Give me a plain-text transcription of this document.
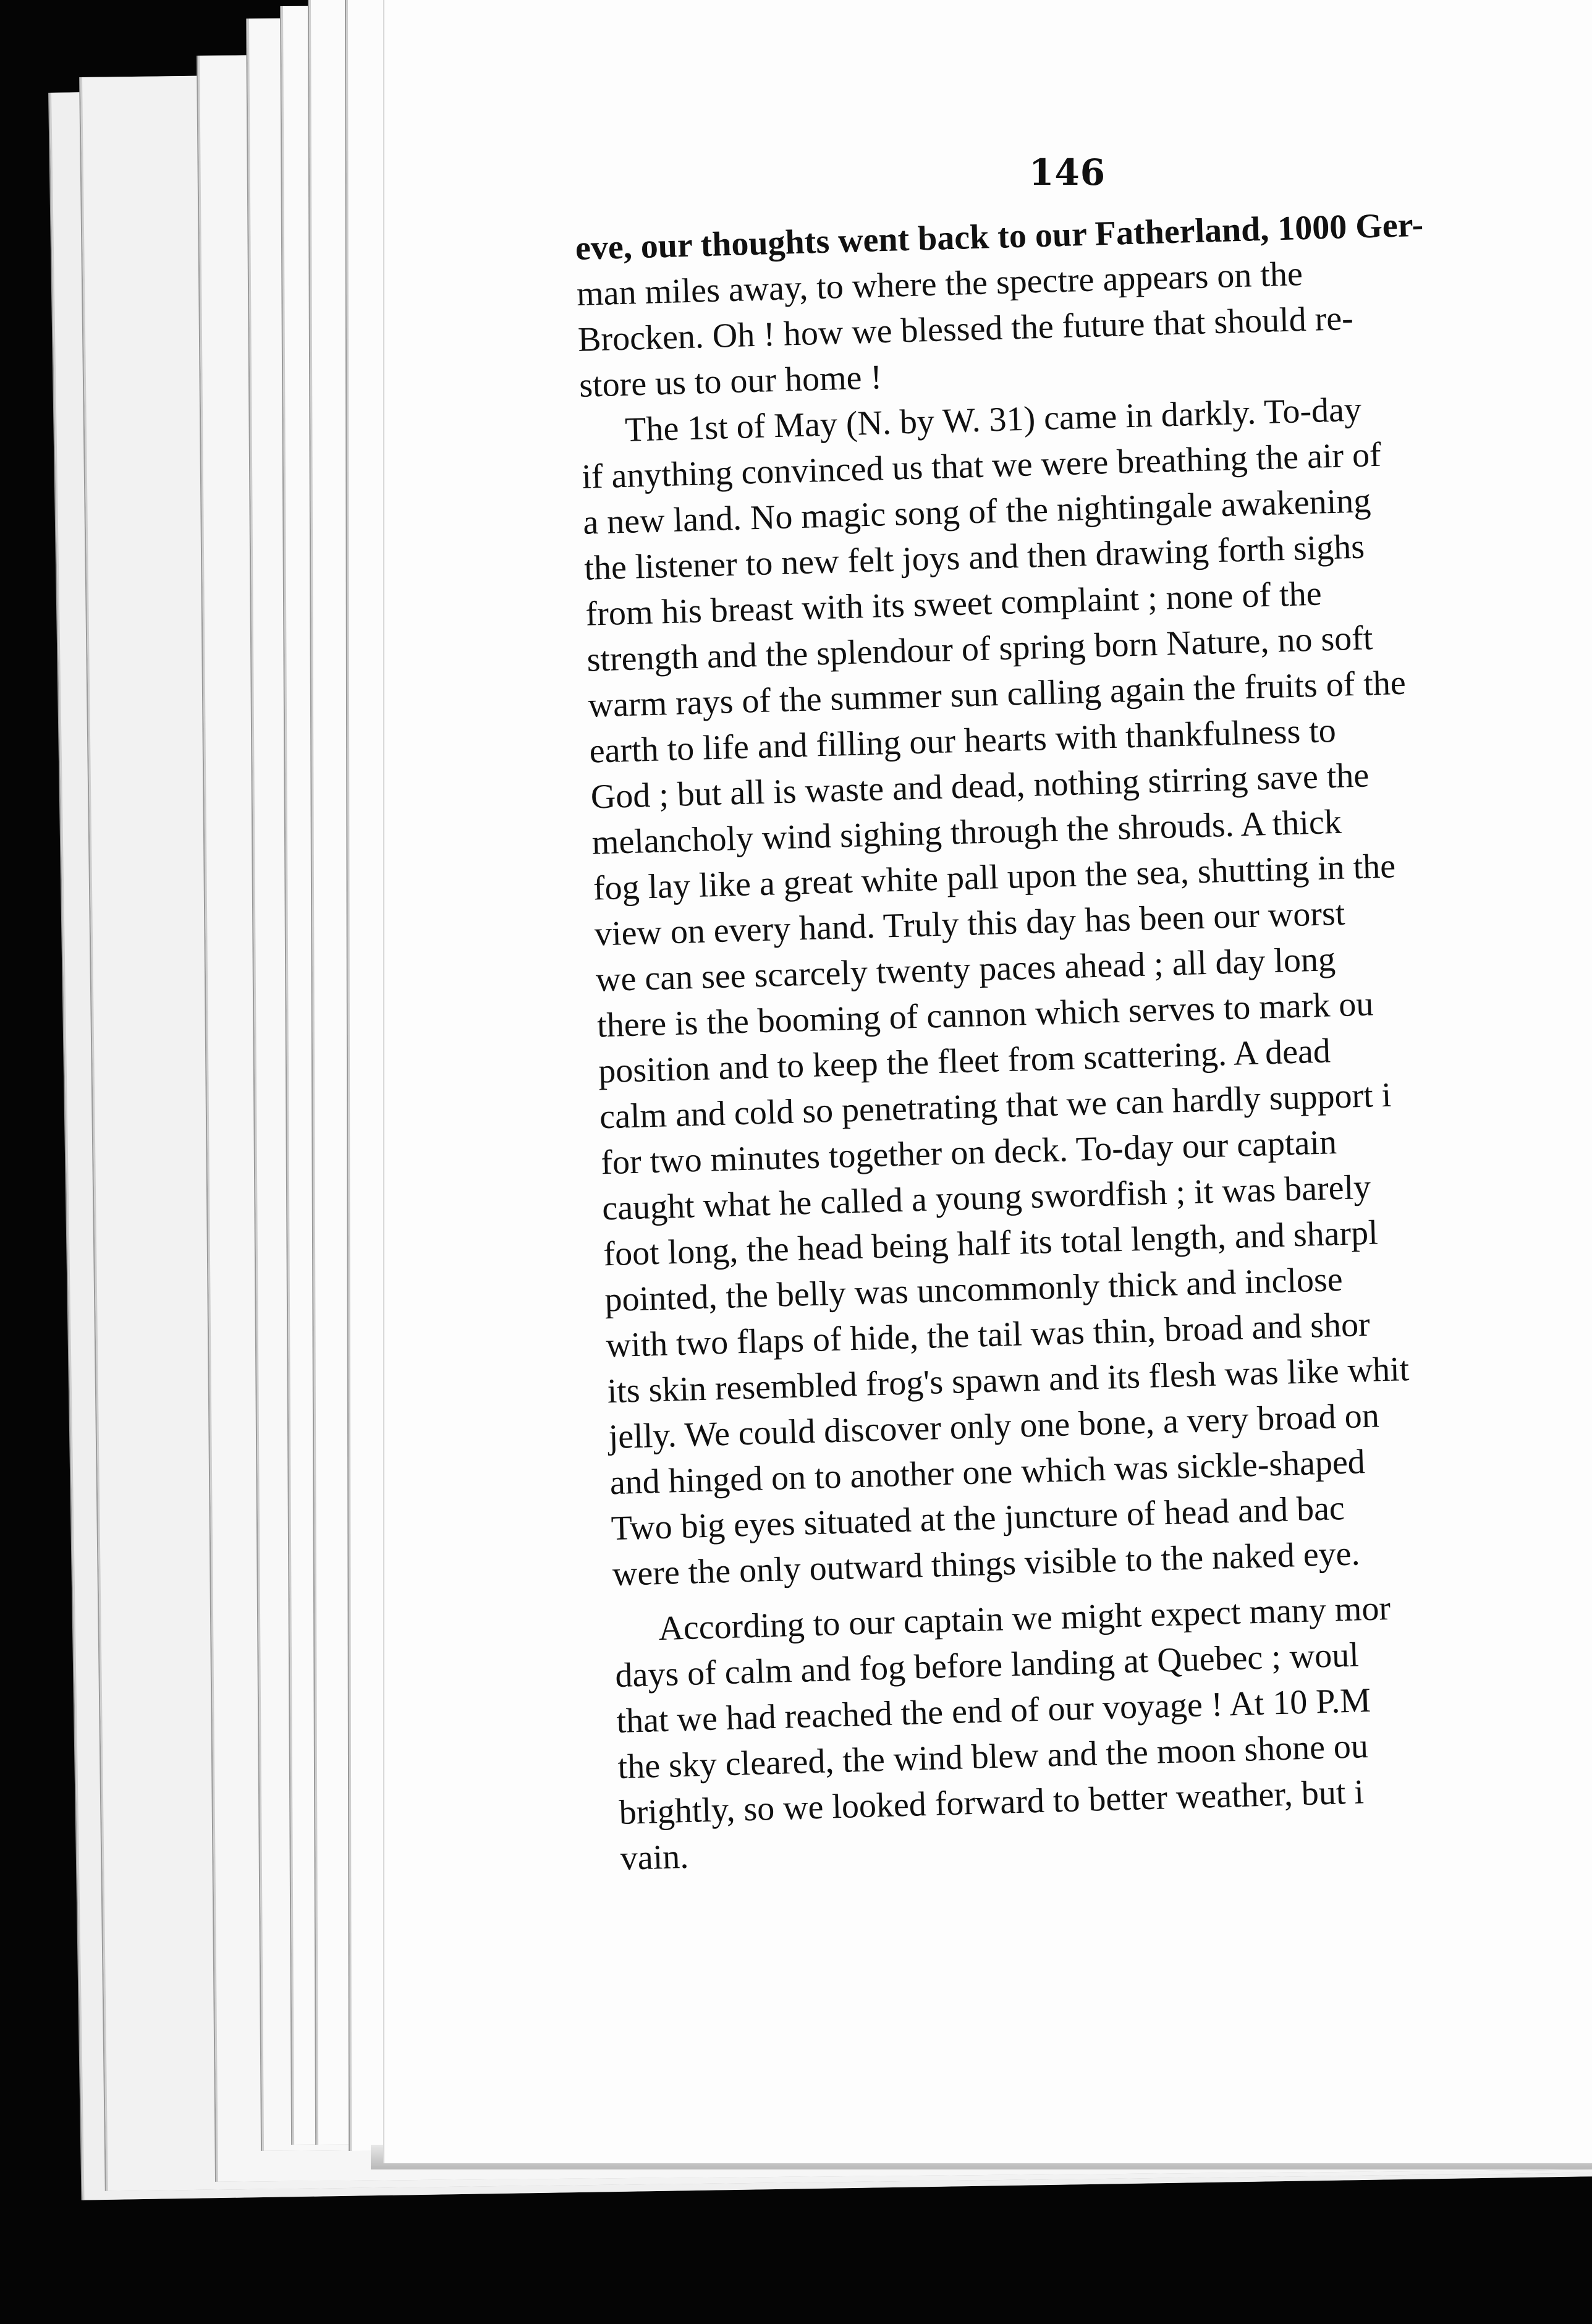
146
eve, our thoughts went back to our Fatherland, 1000 Ger-
man miles away, to where the spectre appears on the
Brocken. Oh ! how we blessed the future that should re-
store us to our home !
The 1st of May (N. by W. 31) came in darkly. To-day
if anything convinced us that we were breathing the air of
a new land. No magic song of the nightingale awakening
the listener to new felt joys and then drawing forth sighs
from his breast with its sweet complaint ; none of the
strength and the splendour of spring born Nature, no soft
warm rays of the summer sun calling again the fruits of the
earth to life and filling our hearts with thankfulness to
God ; but all is waste and dead, nothing stirring save the
melancholy wind sighing through the shrouds. A thick
fog lay like a great white pall upon the sea, shutting in the
view on every hand. Truly this day has been our worst
we can see scarcely twenty paces ahead ; all day long
there is the booming of cannon which serves to mark ou
position and to keep the fleet from scattering. A dead
calm and cold so penetrating that we can hardly support i
for two minutes together on deck. To-day our captain
caught what he called a young swordfish ; it was barely
foot long, the head being half its total length, and sharpl
pointed, the belly was uncommonly thick and inclose
with two flaps of hide, the tail was thin, broad and shor
its skin resembled frog's spawn and its flesh was like whit
jelly. We could discover only one bone, a very broad on
and hinged on to another one which was sickle-shaped
Two big eyes situated at the juncture of head and bac
were the only outward things visible to the naked eye.
According to our captain we might expect many mor
days of calm and fog before landing at Quebec ; woul
that we had reached the end of our voyage ! At 10 P.M
the sky cleared, the wind blew and the moon shone ou
brightly, so we looked forward to better weather, but i
vain.
